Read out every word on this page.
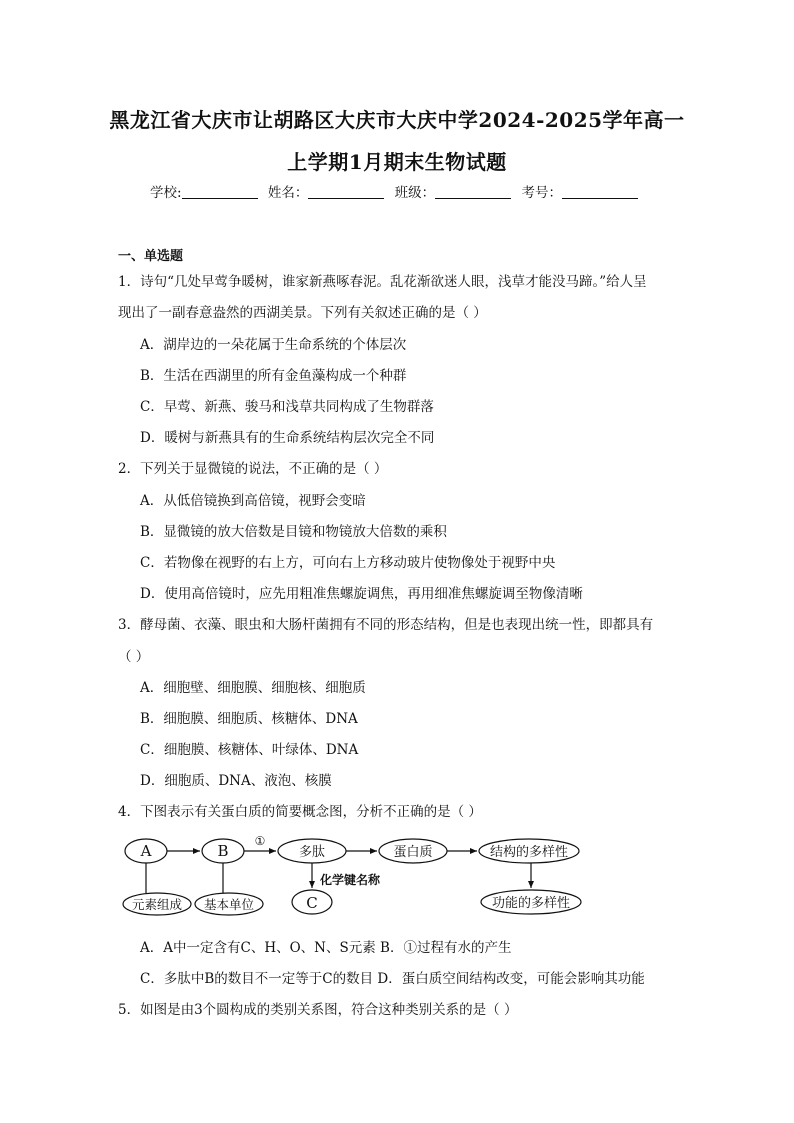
黑龙江省大庆市让胡路区大庆市大庆中学2024-2025学年高一
上学期1月期末生物试题
学校:	姓名：	班级：	考号：
一、单选题
1．诗句“几处早莺争暖树，谁家新燕啄春泥。乱花渐欲迷人眼，浅草才能没马蹄。”给人呈
现出了一副春意盎然的西湖美景。下列有关叙述正确的是（ ）
A．湖岸边的一朵花属于生命系统的个体层次
B．生活在西湖里的所有金鱼藻构成一个种群
C．早莺、新燕、骏马和浅草共同构成了生物群落
D．暖树与新燕具有的生命系统结构层次完全不同
2．下列关于显微镜的说法，不正确的是（ ）
A．从低倍镜换到高倍镜，视野会变暗
B．显微镜的放大倍数是目镜和物镜放大倍数的乘积
C．若物像在视野的右上方，可向右上方移动玻片使物像处于视野中央
D．使用高倍镜时，应先用粗准焦螺旋调焦，再用细准焦螺旋调至物像清晰
3．酵母菌、衣藻、眼虫和大肠杆菌拥有不同的形态结构，但是也表现出统一性，即都具有
（ ）
A．细胞壁、细胞膜、细胞核、细胞质
B．细胞膜、细胞质、核糖体、DNA
C．细胞膜、核糖体、叶绿体、DNA
D．细胞质、DNA、液泡、核膜
4．下图表示有关蛋白质的简要概念图，分析不正确的是（ ）
A	B
①
多肽	蛋白质	结构的多样性
功能的多样性
化学键名称
C
元素组成 基本单位
A．A中一定含有C、H、O、N、S元素 B．①过程有水的产生
C．多肽中B的数目不一定等于C的数目 D．蛋白质空间结构改变，可能会影响其功能
5．如图是由3个圆构成的类别关系图，符合这种类别关系的是（ ）
